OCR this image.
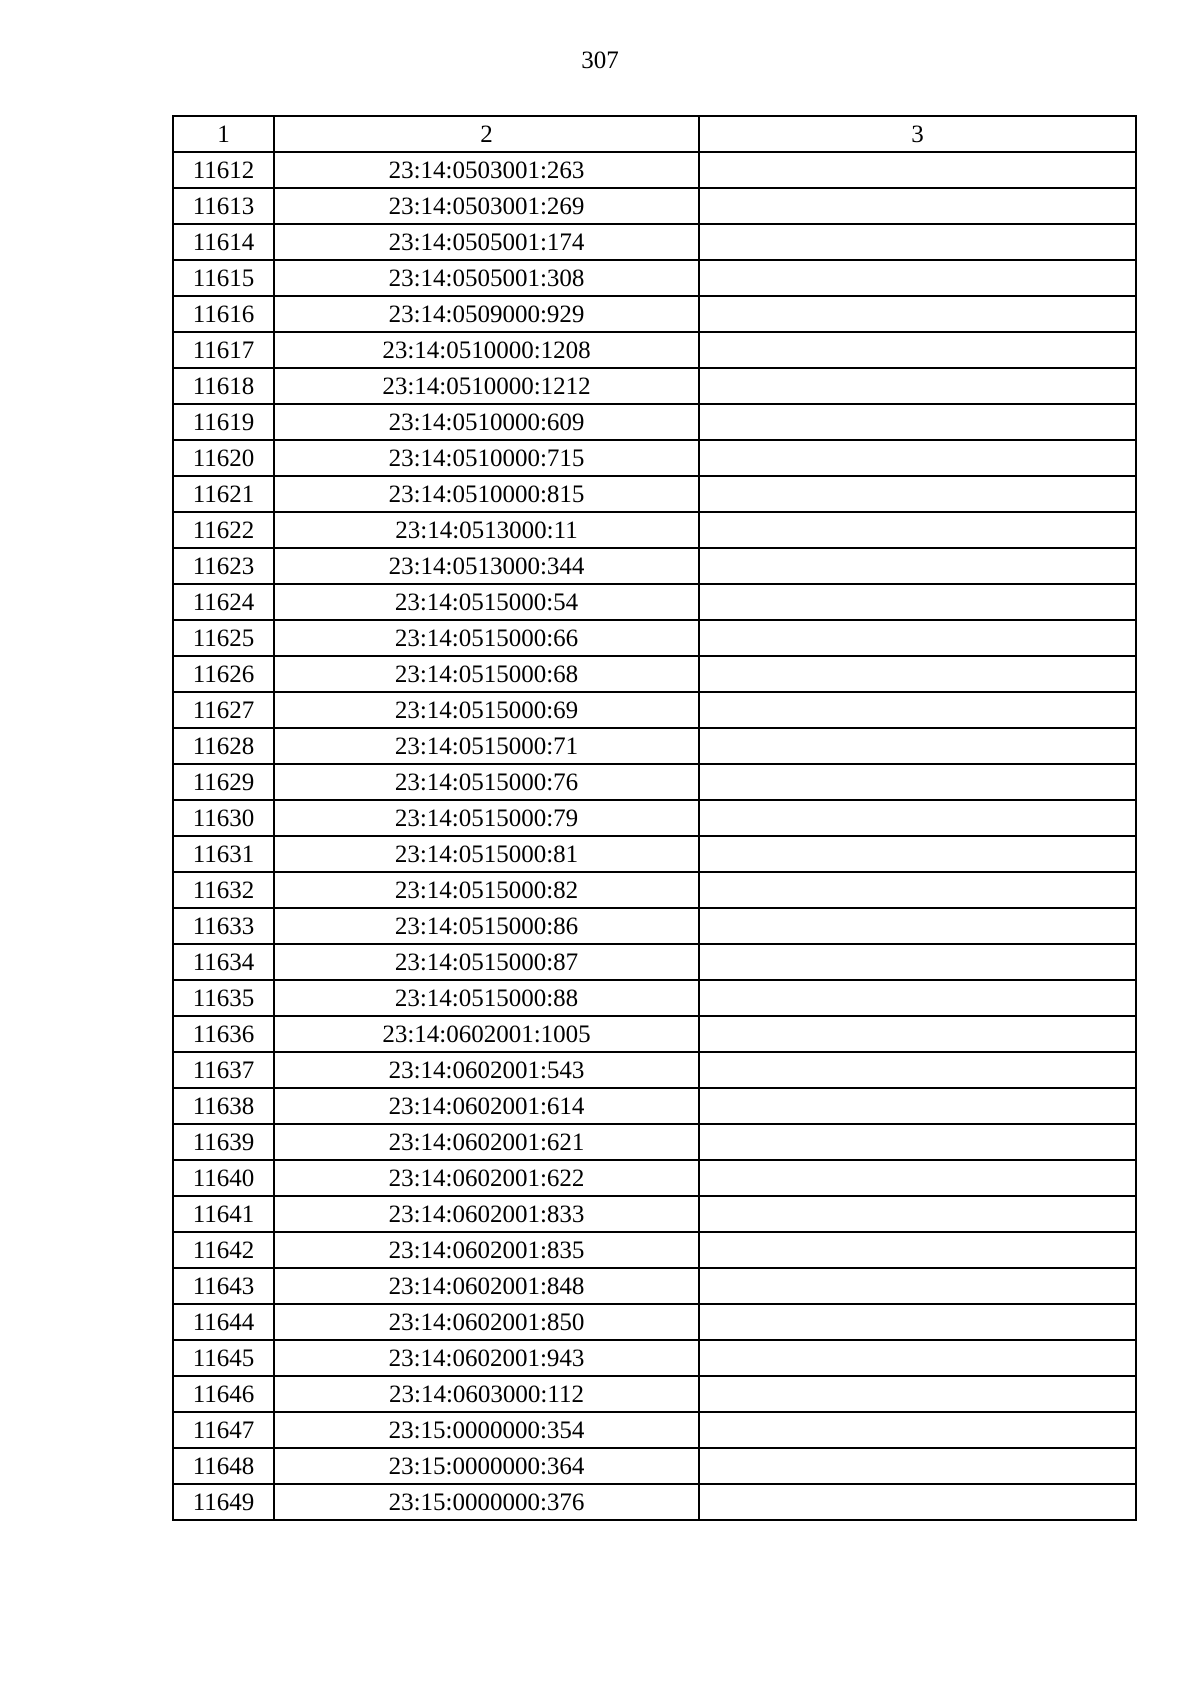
307
1	2	3
11612	23:14:0503001:263	
11613	23:14:0503001:269	
11614	23:14:0505001:174	
11615	23:14:0505001:308	
11616	23:14:0509000:929	
11617	23:14:0510000:1208	
11618	23:14:0510000:1212	
11619	23:14:0510000:609	
11620	23:14:0510000:715	
11621	23:14:0510000:815	
11622	23:14:0513000:11	
11623	23:14:0513000:344	
11624	23:14:0515000:54	
11625	23:14:0515000:66	
11626	23:14:0515000:68	
11627	23:14:0515000:69	
11628	23:14:0515000:71	
11629	23:14:0515000:76	
11630	23:14:0515000:79	
11631	23:14:0515000:81	
11632	23:14:0515000:82	
11633	23:14:0515000:86	
11634	23:14:0515000:87	
11635	23:14:0515000:88	
11636	23:14:0602001:1005	
11637	23:14:0602001:543	
11638	23:14:0602001:614	
11639	23:14:0602001:621	
11640	23:14:0602001:622	
11641	23:14:0602001:833	
11642	23:14:0602001:835	
11643	23:14:0602001:848	
11644	23:14:0602001:850	
11645	23:14:0602001:943	
11646	23:14:0603000:112	
11647	23:15:0000000:354	
11648	23:15:0000000:364	
11649	23:15:0000000:376	
